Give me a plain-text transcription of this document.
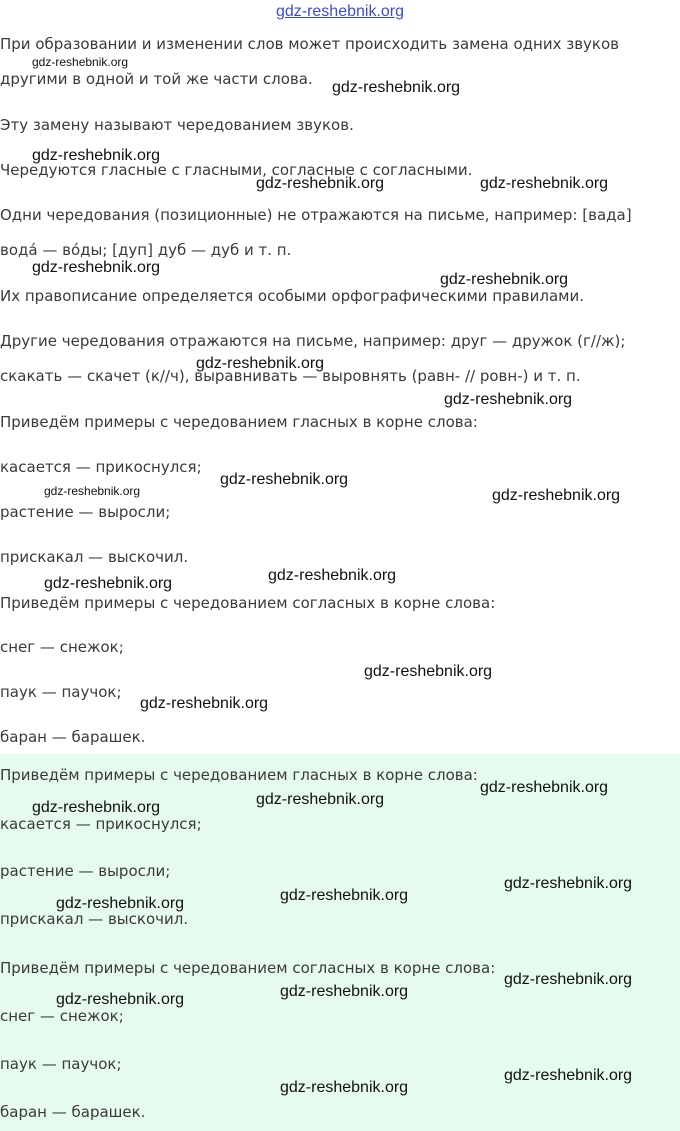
gdz-reshebnik.org
При образовании и изменении слов может происходить замена одних звуков
другими в одной и той же части слова.
Эту замену называют чередованием звуков.
Чередуются гласные с гласными, согласные с согласными.
Одни чередования (позиционные) не отражаются на письме, например: [вада]
вода́ — во́ды; [дуп] дуб — дуб и т. п.
Их правописание определяется особыми орфографическими правилами.
Другие чередования отражаются на письме, например: друг — дружок (г//ж);
скакать — скачет (к//ч), выравнивать — выровнять (равн- // ровн-) и т. п.
Приведём примеры с чередованием гласных в корне слова:
касается — прикоснулся;
растение — выросли;
прискакал — выскочил.
Приведём примеры с чередованием согласных в корне слова:
снег — снежок;
паук — паучок;
баран — барашек.
Приведём примеры с чередованием гласных в корне слова:
касается — прикоснулся;
растение — выросли;
прискакал — выскочил.
Приведём примеры с чередованием согласных в корне слова:
снег — снежок;
паук — паучок;
баран — барашек.
gdz-reshebnik.org
gdz-reshebnik.org
gdz-reshebnik.org
gdz-reshebnik.org	gdz-reshebnik.org
gdz-reshebnik.org
gdz-reshebnik.org
gdz-reshebnik.org
gdz-reshebnik.org
gdz-reshebnik.org
gdz-reshebnik.org	gdz-reshebnik.org
gdz-reshebnik.org
gdz-reshebnik.org
gdz-reshebnik.org
gdz-reshebnik.org
gdz-reshebnik.org
gdz-reshebnik.org
gdz-reshebnik.org
gdz-reshebnik.org
gdz-reshebnik.org
gdz-reshebnik.org
gdz-reshebnik.org
gdz-reshebnik.org
gdz-reshebnik.org
gdz-reshebnik.org
gdz-reshebnik.org
